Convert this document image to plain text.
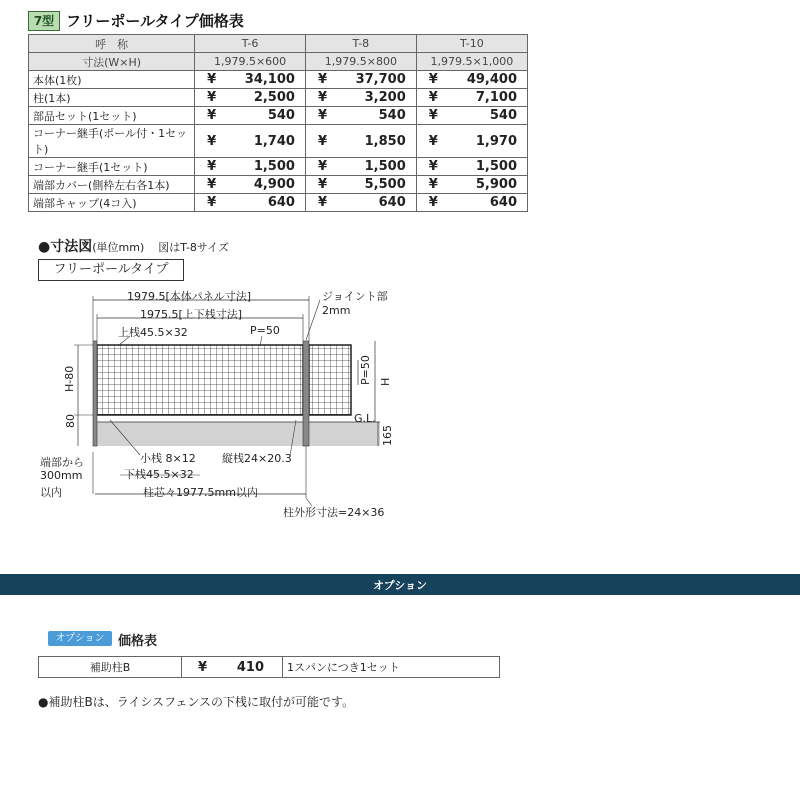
7型 フリーポールタイプ価格表
呼　称	T-6	T-8	T-10
寸法(W×H)	1,979.5×600	1,979.5×800	1,979.5×1,000
本体(1枚)	¥ 34,100	¥ 37,700	¥ 49,400

柱(1本)	¥ 2,500	¥ 3,200	¥ 7,100

部品セット(1セット)	¥ 540	¥ 540	¥ 540

コーナー継手(ポール付・1セット)	¥ 1,740	¥ 1,850	¥ 1,970

コーナー継手(1セット)	¥ 1,500	¥ 1,500	¥ 1,500

端部カバー(側枠左右各1本)	¥ 4,900	¥ 5,500	¥ 5,900

端部キャップ(4コ入)	¥ 640	¥ 640	¥ 640
●寸法図(単位mm) 図はT-8サイズ
フリーポールタイプ
1979.5[本体パネル寸法]
1975.5[上下桟寸法]
上桟45.5×32	P=50
ジョイント部
2mm
H-80	P=50 H
80	G.L.
165
小桟 8×12 縦桟24×20.3
端部から
300mm
以内
下桟45.5×32
柱芯々1977.5mm以内
柱外形寸法=24×36
オプション
オプション	価格表
補助柱B	¥ 410	1スパンにつき1セット
●補助柱Bは、ライシスフェンスの下桟に取付が可能です。
